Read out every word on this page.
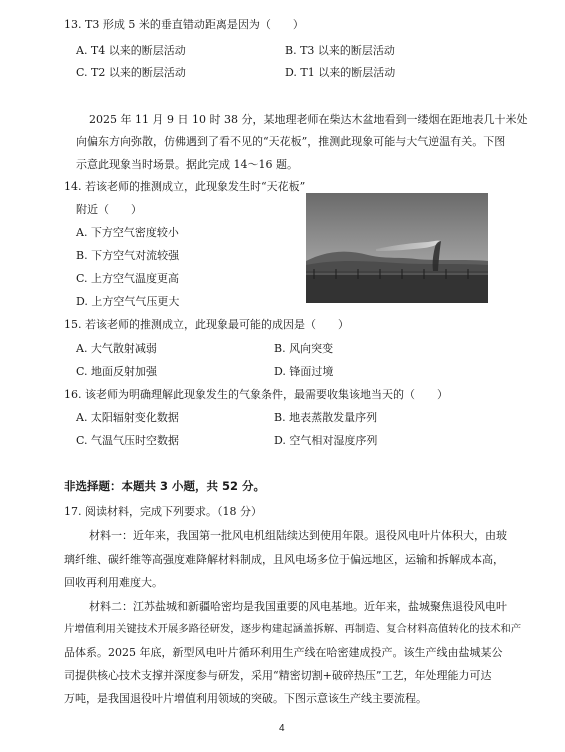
13. T3 形成 5 米的垂直错动距离是因为（　　）
A. T4 以来的断层活动	B. T3 以来的断层活动
C. T2 以来的断层活动	D. T1 以来的断层活动
2025 年 11 月 9 日 10 时 38 分，某地理老师在柴达木盆地看到一缕烟在距地表几十米处
向偏东方向弥散，仿佛遇到了看不见的“天花板”，推测此现象可能与大气逆温有关。下图
示意此现象当时场景。据此完成 14～16 题。
14. 若该老师的推测成立，此现象发生时“天花板”
附近（　　）
A. 下方空气密度较小
B. 下方空气对流较强
C. 上方空气温度更高
D. 上方空气气压更大
15. 若该老师的推测成立，此现象最可能的成因是（　　）
A. 大气散射减弱	B. 风向突变
C. 地面反射加强	D. 锋面过境
16. 该老师为明确理解此现象发生的气象条件，最需要收集该地当天的（　　）
A. 太阳辐射变化数据	B. 地表蒸散发量序列
C. 气温气压时空数据	D. 空气相对湿度序列
非选择题：本题共 3 小题，共 52 分。
17. 阅读材料，完成下列要求。（18 分）
材料一：近年来，我国第一批风电机组陆续达到使用年限。退役风电叶片体积大，由玻
璃纤维、碳纤维等高强度难降解材料制成，且风电场多位于偏远地区，运输和拆解成本高，
回收再利用难度大。
材料二：江苏盐城和新疆哈密均是我国重要的风电基地。近年来，盐城聚焦退役风电叶
片增值利用关键技术开展多路径研发，逐步构建起涵盖拆解、再制造、复合材料高值转化的技术和产
品体系。2025 年底，新型风电叶片循环利用生产线在哈密建成投产。该生产线由盐城某公
司提供核心技术支撑并深度参与研发，采用“精密切割+破碎热压”工艺，年处理能力可达
万吨，是我国退役叶片增值利用领域的突破。下图示意该生产线主要流程。
4
